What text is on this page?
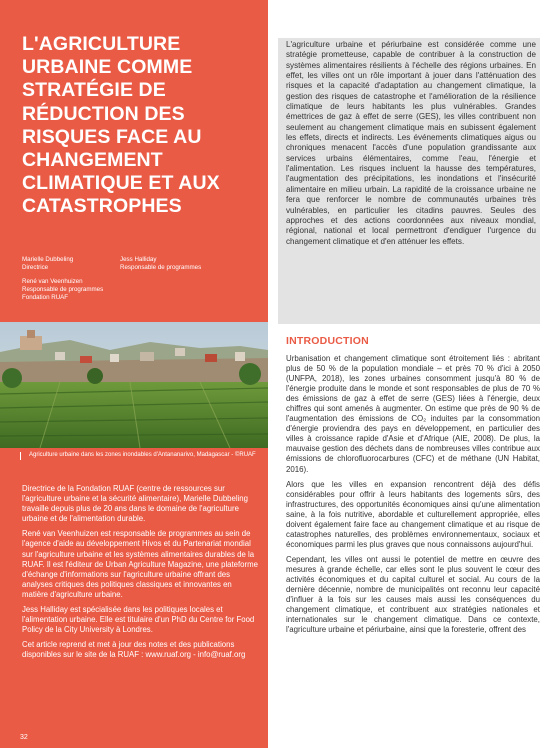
L'AGRICULTURE URBAINE COMME STRATÉGIE DE RÉDUCTION DES RISQUES FACE AU CHANGEMENT CLIMATIQUE ET AUX CATASTROPHES
Marielle Dubbeling
Directrice
Jess Halliday
Responsable de programmes
René van Veenhuizen
Responsable de programmes
Fondation RUAF
Agriculture urbaine dans les zones inondables d'Antananarivo, Madagascar - ©RUAF

Directrice de la Fondation RUAF (centre de ressources sur l'agriculture urbaine et la sécurité alimentaire), Marielle Dubbeling travaille depuis plus de 20 ans dans le domaine de l'agriculture urbaine et de l'alimentation durable.

René van Veenhuizen est responsable de programmes au sein de l'agence d'aide au développement Hivos et du Partenariat mondial sur l'agriculture urbaine et les systèmes alimentaires durables de la RUAF. Il est l'éditeur de Urban Agriculture Magazine, une plateforme d'échange d'informations sur l'agriculture urbaine offrant des analyses critiques des politiques classiques et innovantes en matière d'agriculture urbaine.

Jess Halliday est spécialisée dans les politiques locales et l'alimentation urbaine. Elle est titulaire d'un PhD du Centre for Food Policy de la City University à Londres.

Cet article reprend et met à jour des notes et des publications disponibles sur le site de la RUAF : www.ruaf.org - info@ruaf.org

32

L'agriculture urbaine et périurbaine est considérée comme une stratégie prometteuse, capable de contribuer à la construction de systèmes alimentaires résilients à l'échelle des régions urbaines. En effet, les villes ont un rôle important à jouer dans l'atténuation des risques et la capacité d'adaptation au changement climatique, la gestion des risques de catastrophe et l'amélioration de la résilience climatique de leurs habitants les plus vulnérables. Grandes émettrices de gaz à effet de serre (GES), les villes contribuent non seulement au changement climatique mais en subissent également les effets, directs et indirects. Les événements climatiques aigus ou chroniques menacent l'accès d'une population grandissante aux services urbains élémentaires, comme l'eau, l'énergie et l'alimentation. Les risques incluent la hausse des températures, l'augmentation des précipitations, les inondations et l'insécurité alimentaire en milieu urbain. La rapidité de la croissance urbaine ne fera que renforcer le nombre de communautés urbaines très vulnérables, en particulier les citadins pauvres. Seules des approches et des actions coordonnées aux niveaux mondial, régional, national et local permettront d'endiguer l'urgence du changement climatique et d'en atténuer les effets.

INTRODUCTION

Urbanisation et changement climatique sont étroitement liés : abritant plus de 50 % de la population mondiale – et près 70 % d'ici à 2050 (UNFPA, 2018), les zones urbaines consomment jusqu'à 80 % de l'énergie produite dans le monde et sont responsables de plus de 70 % des émissions de gaz à effet de serre (GES) liées à l'énergie, deux chiffres qui sont amenés à augmenter. On estime que près de 90 % de l'augmentation des émissions de CO₂ induites par la consommation d'énergie proviendra des pays en développement, en particulier des villes à croissance rapide d'Asie et d'Afrique (AIE, 2008). De plus, la mauvaise gestion des déchets dans de nombreuses villes contribue aux émissions de chlorofluorocarbures (CFC) et de méthane (UN Habitat, 2016).

Alors que les villes en expansion rencontrent déjà des défis considérables pour offrir à leurs habitants des logements sûrs, des infrastructures, des opportunités économiques ainsi qu'une alimentation saine, à la fois nutritive, abordable et culturellement appropriée, elles doivent également faire face au changement climatique et au risque de catastrophes naturelles, des problèmes environnementaux, sociaux et économiques parmi les plus graves que nous connaissons aujourd'hui.

Cependant, les villes ont aussi le potentiel de mettre en œuvre des mesures à grande échelle, car elles sont le plus souvent le cœur des activités économiques et du capital culturel et social. Au cours de la dernière décennie, nombre de municipalités ont reconnu leur capacité d'influer à la fois sur les causes mais aussi les conséquences du changement climatique, et contribuent aux stratégies nationales et internationales sur le changement climatique. Dans ce contexte, l'agriculture urbaine et périurbaine, ainsi que la foresterie, offrent des
